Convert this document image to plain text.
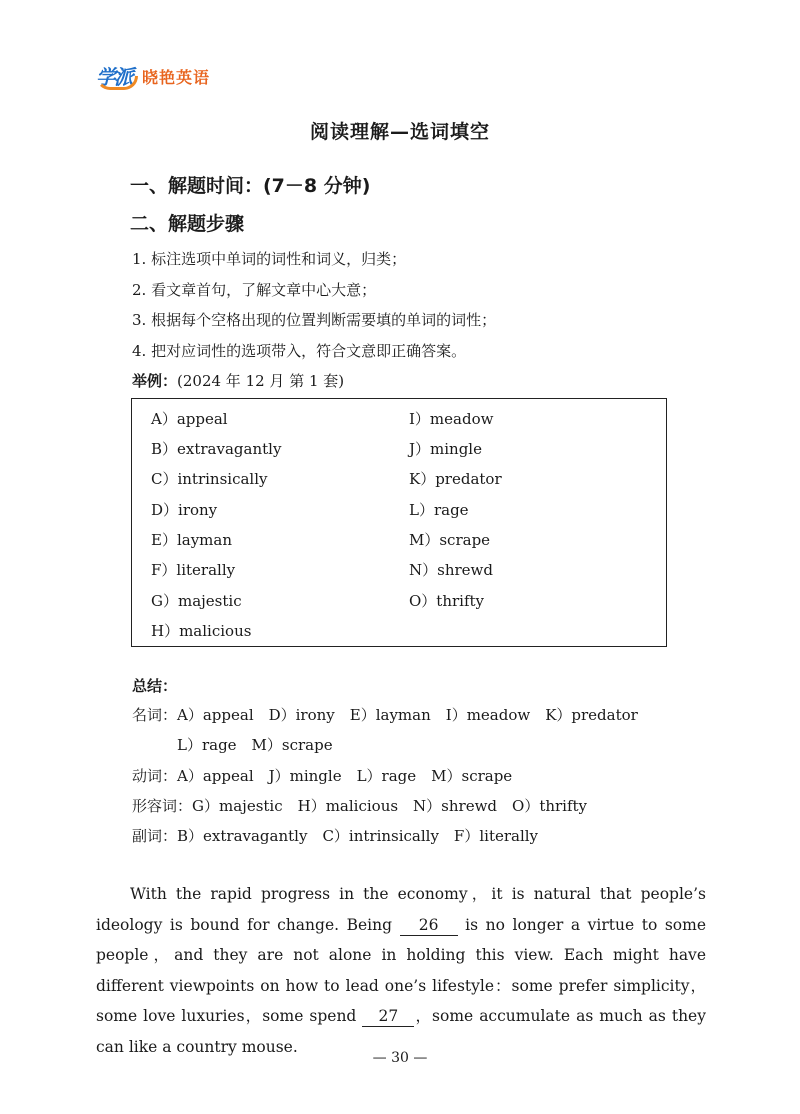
学派 晓艳英语
阅读理解—选词填空
一、解题时间：(7－8 分钟)
二、解题步骤
1. 标注选项中单词的词性和词义，归类；
2. 看文章首句，了解文章中心大意；
3. 根据每个空格出现的位置判断需要填的单词的词性；
4. 把对应词性的选项带入，符合文意即正确答案。
举例：(2024 年 12 月 第 1 套)
A）appeal
B）extravagantly
C）intrinsically
D）irony
E）layman
F）literally
G）majestic
H）malicious
I）meadow
J）mingle
K）predator
L）rage
M）scrape
N）shrewd
O）thrifty
总结：
名词：A）appeal　D）irony　E）layman　I）meadow　K）predator
L）rage　M）scrape
动词：A）appeal　J）mingle　L）rage　M）scrape
形容词：G）majestic　H）malicious　N）shrewd　O）thrifty
副词：B）extravagantly　C）intrinsically　F）literally

With the rapid progress in the economy，it is natural that people’s ideology is bound for change. Being 26 is no longer a virtue to some people，and they are not alone in holding this view. Each might have different viewpoints on how to lead one’s lifestyle：some prefer simplicity，some love luxuries，some spend 27 ，some accumulate as much as they can like a country mouse.

— 30 —
